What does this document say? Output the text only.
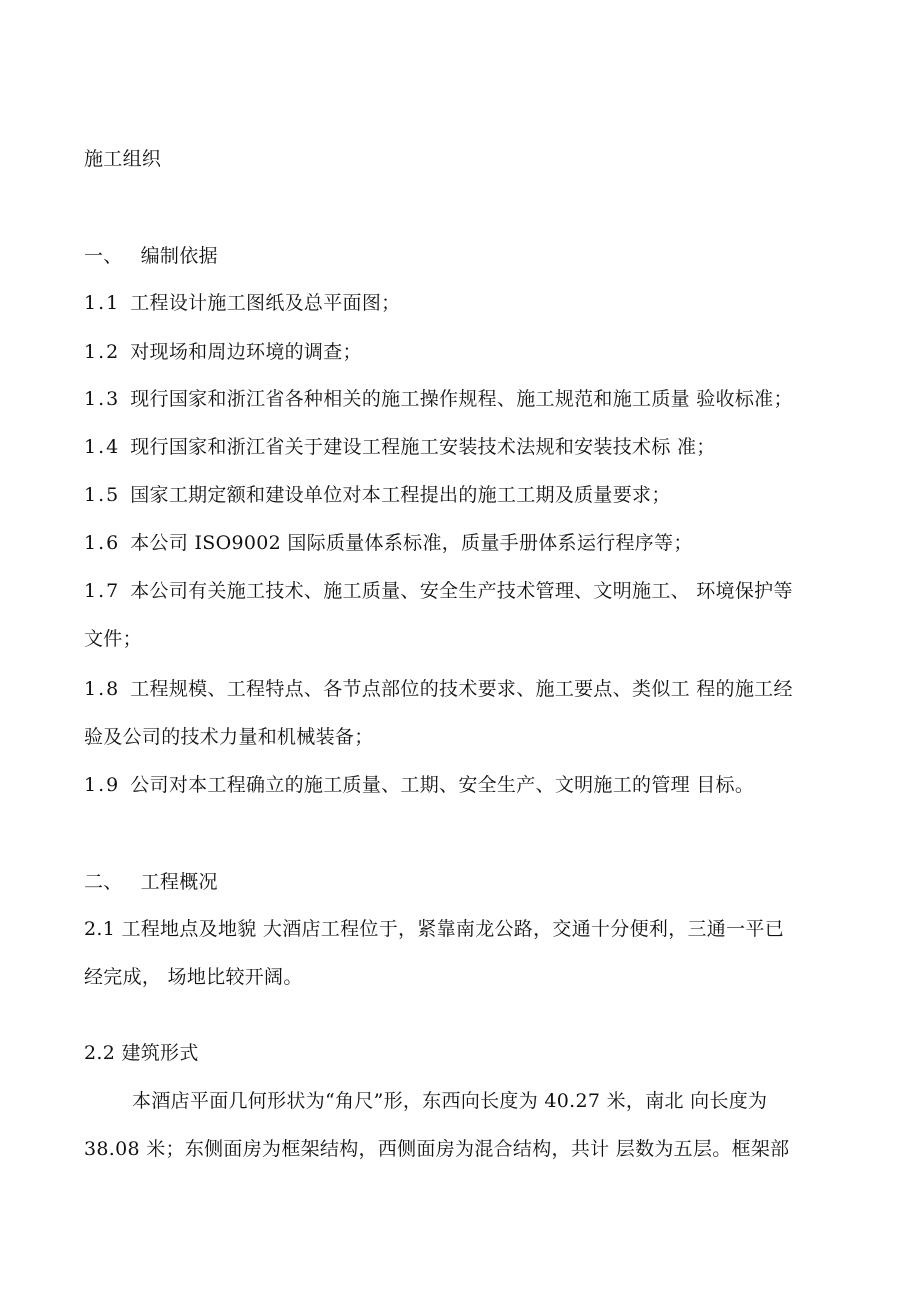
施工组织
一、 编制依据
1.1 工程设计施工图纸及总平面图；
1.2 对现场和周边环境的调查；
1.3 现行国家和浙江省各种相关的施工操作规程、施工规范和施工质量 验收标准；
1.4 现行国家和浙江省关于建设工程施工安装技术法规和安装技术标 准；
1.5 国家工期定额和建设单位对本工程提出的施工工期及质量要求；
1.6 本公司 ISO9002 国际质量体系标准，质量手册体系运行程序等；
1.7 本公司有关施工技术、施工质量、安全生产技术管理、文明施工、 环境保护等
文件；
1.8 工程规模、工程特点、各节点部位的技术要求、施工要点、类似工 程的施工经
验及公司的技术力量和机械装备；
1.9 公司对本工程确立的施工质量、工期、安全生产、文明施工的管理 目标。
二、 工程概况
2.1 工程地点及地貌 大酒店工程位于，紧靠南龙公路，交通十分便利，三通一平已
经完成， 场地比较开阔。
2.2 建筑形式
本酒店平面几何形状为“角尺”形，东西向长度为 40.27 米，南北 向长度为
38.08 米；东侧面房为框架结构，西侧面房为混合结构，共计 层数为五层。框架部
